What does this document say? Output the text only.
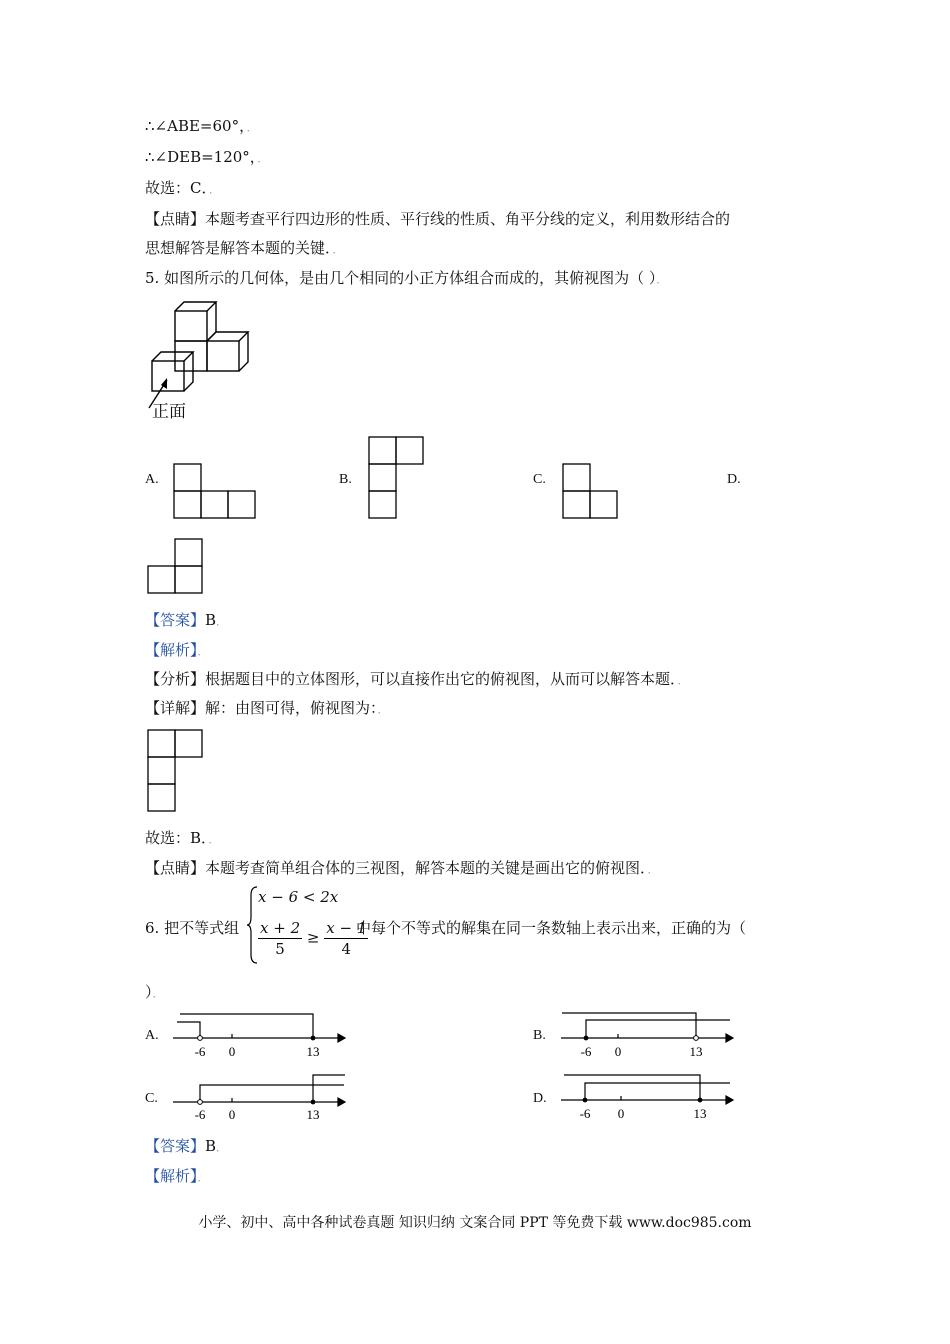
∴∠ABE=60°，．
∴∠DEB=120°，．
故选：C．．
【点睛】本题考查平行四边形的性质、平行线的性质、角平分线的定义，利用数形结合的
思想解答是解答本题的关键．．
5. 如图所示的几何体，是由几个相同的小正方体组合而成的，其俯视图为（ ）．
正面
A.	B.	C.	D.
【答案】B．
【解析】．
【分析】根据题目中的立体图形，可以直接作出它的俯视图，从而可以解答本题．．
【详解】解：由图可得，俯视图为：．
故选：B．．
【点睛】本题考查简单组合体的三视图，解答本题的关键是画出它的俯视图．．
6. 把不等式组
x − 6 < 2x
$\frac{x + 2}{5} \ge \frac{x - 1}{4}$
中每个不等式的解集在同一条数轴上表示出来，正确的为（
）．
A.
-6 0	13
B.
-6 0	13
C.
-6 0	13
D.
-6 0	13
【答案】B．
【解析】．
小学、初中、高中各种试卷真题 知识归纳 文案合同 PPT 等免费下载 www.doc985.com
